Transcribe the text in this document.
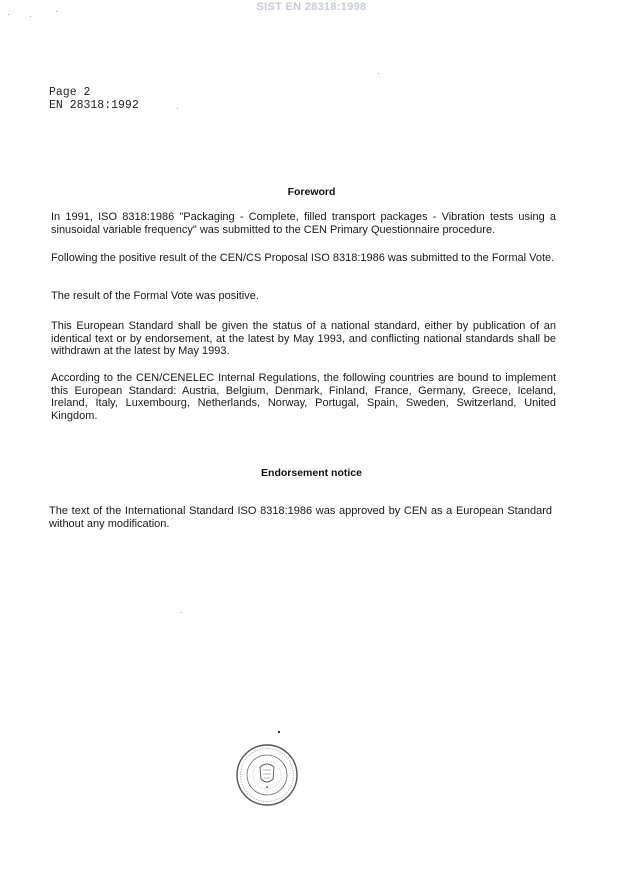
SIST EN 28318:1998
Page 2
EN 28318:1992
Foreword

In 1991, ISO 8318:1986 "Packaging - Complete, filled transport packages - Vibration tests using a sinusoidal variable frequency" was submitted to the CEN Primary Questionnaire procedure.

Following the positive result of the CEN/CS Proposal ISO 8318:1986 was submitted to the Formal Vote.

The result of the Formal Vote was positive.

This European Standard shall be given the status of a national standard, either by publication of an identical text or by endorsement, at the latest by May 1993, and conflicting national standards shall be withdrawn at the latest by May 1993.

According to the CEN/CENELEC Internal Regulations, the following countries are bound to implement this European Standard: Austria, Belgium, Denmark, Finland, France, Germany, Greece, Iceland, Ireland, Italy, Luxembourg, Netherlands, Norway, Portugal, Spain, Sweden, Switzerland, United Kingdom.

Endorsement notice

The text of the International Standard ISO 8318:1986 was approved by CEN as a European Standard without any modification.
